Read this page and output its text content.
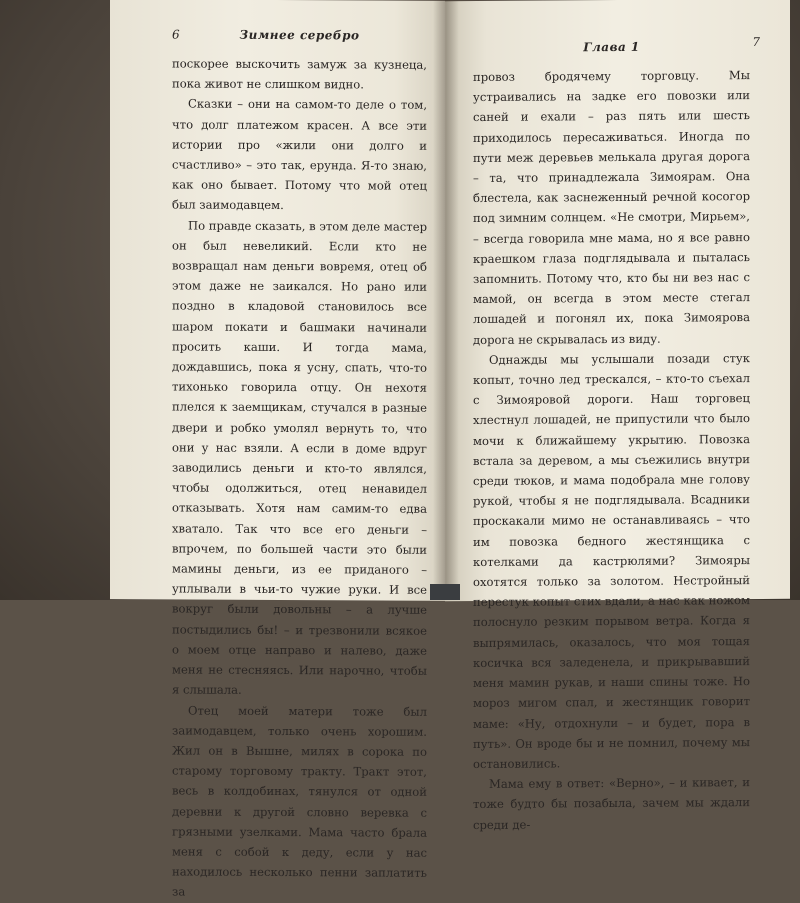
6	Зимнее серебро

поскорее выскочить замуж за кузнеца, пока живот не слишком видно.

Сказки – они на самом-то деле о том, что долг платежом красен. А все эти истории про «жили они долго и счастливо» – это так, ерунда. Я-то знаю, как оно бывает. Потому что мой отец был заимодавцем.

По правде сказать, в этом деле мастер он был невеликий. Если кто не возвращал нам деньги вовремя, отец об этом даже не заикался. Но рано или поздно в кладовой становилось все шаром покати и башмаки начинали просить каши. И тогда мама, дождавшись, пока я усну, спать, что-то тихонько говорила отцу. Он нехотя плелся к заемщикам, стучался в разные двери и робко умолял вернуть то, что они у нас взяли. А если в доме вдруг заводились деньги и кто-то являлся, чтобы одолжиться, отец ненавидел отказывать. Хотя нам самим-то едва хватало. Так что все его деньги – впрочем, по большей части это были мамины деньги, из ее приданого – уплывали в чьи-то чужие руки. И все вокруг были довольны – а лучше постыдились бы! – и трезвонили всякое о моем отце направо и налево, даже меня не стесняясь. Или нарочно, чтобы я слышала.

Отец моей матери тоже был заимодавцем, только очень хорошим. Жил он в Вышне, милях в сорока по старому торговому тракту. Тракт этот, весь в колдобинах, тянулся от одной деревни к другой словно веревка с грязными узелками. Мама часто брала меня с собой к деду, если у нас находилось несколько пенни заплатить за

Глава 1	7

провоз бродячему торговцу. Мы устраивались на задке его повозки или саней и ехали – раз пять или шесть приходилось пересаживаться. Иногда по пути меж деревьев мелькала другая дорога – та, что принадлежала Зимоярам. Она блестела, как заснеженный речной косогор под зимним солнцем. «Не смотри, Мирьем», – всегда говорила мне мама, но я все равно краешком глаза подглядывала и пыталась запомнить. Потому что, кто бы ни вез нас с мамой, он всегда в этом месте стегал лошадей и погонял их, пока Зимоярова дорога не скрывалась из виду.

Однажды мы услышали позади стук копыт, точно лед трескался, – кто-то съехал с Зимояровой дороги. Наш торговец хлестнул лошадей, не припустили что было мочи к ближайшему укрытию. Повозка встала за деревом, а мы съежились внутри среди тюков, и мама подобрала мне голову рукой, чтобы я не подглядывала. Всадники проскакали мимо не останавливаясь – что им повозка бедного жестянщика с котелками да кастрюлями? Зимояры охотятся только за золотом. Нестройный перестук копыт стих вдали, а нас как ножом полоснуло резким порывом ветра. Когда я выпрямилась, оказалось, что моя тощая косичка вся заледенела, и прикрывавший меня мамин рукав, и наши спины тоже. Но мороз мигом спал, и жестянщик говорит маме: «Ну, отдохнули – и будет, пора в путь». Он вроде бы и не помнил, почему мы остановились.

Мама ему в ответ: «Верно», – и кивает, и тоже будто бы позабыла, зачем мы ждали среди де-
